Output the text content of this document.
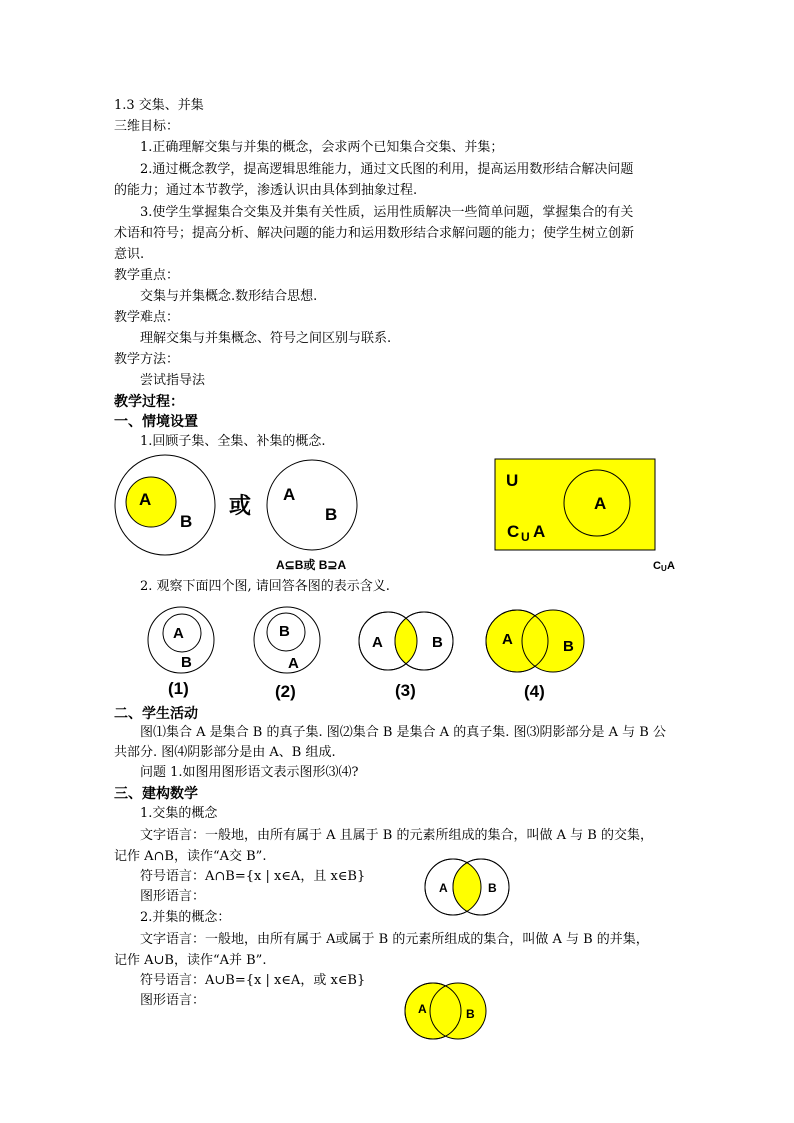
1.3 交集、并集
三维目标：
1.正确理解交集与并集的概念，会求两个已知集合交集、并集；
2.通过概念教学，提高逻辑思维能力，通过文氏图的利用，提高运用数形结合解决问题
的能力；通过本节教学，渗透认识由具体到抽象过程.
3.使学生掌握集合交集及并集有关性质，运用性质解决一些简单问题，掌握集合的有关
术语和符号；提高分析、解决问题的能力和运用数形结合求解问题的能力；使学生树立创新
意识.
教学重点：
交集与并集概念.数形结合思想.
教学难点：
理解交集与并集概念、符号之间区别与联系.
教学方法：
尝试指导法
教学过程：
一、情境设置
1.回顾子集、全集、补集的概念.
A
B
或 A
B
A⊆B或 B⊇A
U
A
C U A
C U A
2. 观察下面四个图, 请回答各图的表示含义.
A
B
(1)
B
A
(2)
A	B
(3)
A	B
(4)
二、学生活动
图⑴集合 A 是集合 B 的真子集. 图⑵集合 B 是集合 A 的真子集. 图⑶阴影部分是 A 与 B 公
共部分. 图⑷阴影部分是由 A、B 组成.
问题 1.如图用图形语文表示图形⑶⑷?
三、建构数学
1.交集的概念
文字语言：一般地，由所有属于 A 且属于 B 的元素所组成的集合，叫做 A 与 B 的交集，
记作 A∩B，读作“A交 B”.
符号语言：A∩B={x | x∈A，且 x∈B}
图形语言：
A	B
2.并集的概念：
文字语言：一般地，由所有属于 A或属于 B 的元素所组成的集合，叫做 A 与 B 的并集，
记作 A∪B，读作“A并 B”.
符号语言：A∪B={x | x∈A，或 x∈B}
图形语言：
A	B
